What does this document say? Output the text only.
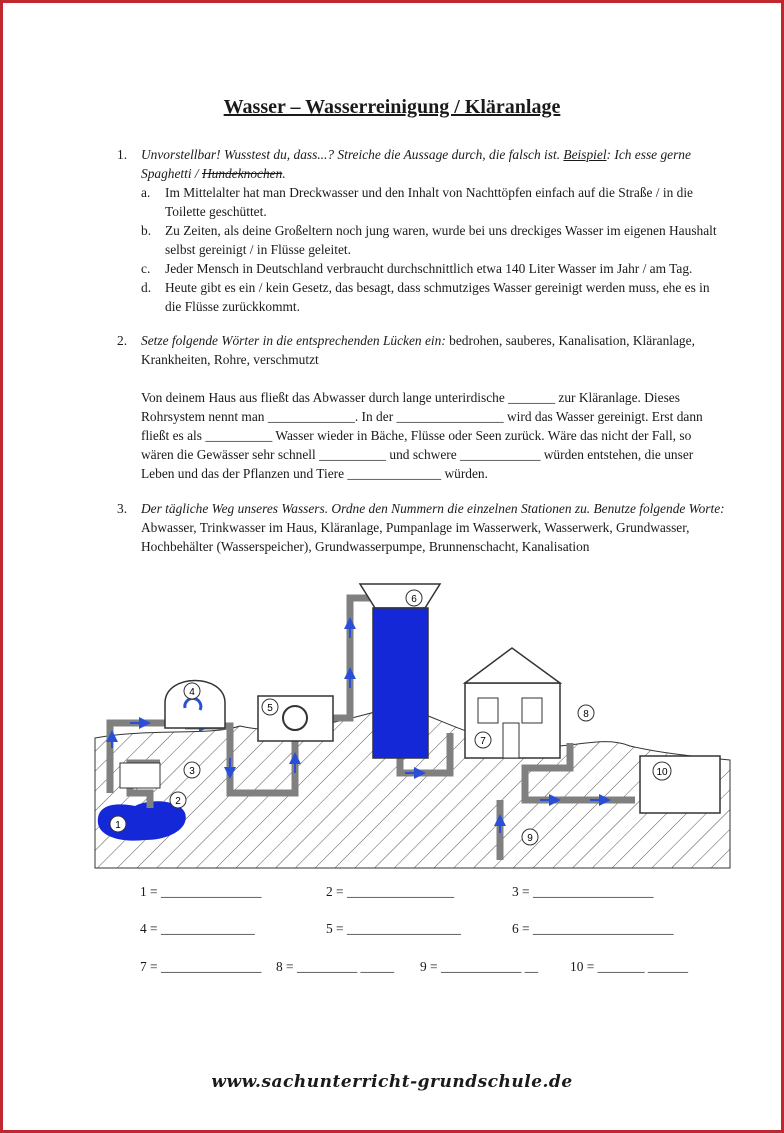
Wasser – Wasserreinigung / Kläranlage
1. Unvorstellbar! Wusstest du, dass...? Streiche die Aussage durch, die falsch ist. Beispiel: Ich esse gerne Spaghetti / Hundeknochen.
a. Im Mittelalter hat man Dreckwasser und den Inhalt von Nachttöpfen einfach auf die Straße / in die Toilette geschüttet.
b. Zu Zeiten, als deine Großeltern noch jung waren, wurde bei uns dreckiges Wasser im eigenen Haushalt selbst gereinigt / in Flüsse geleitet.
c. Jeder Mensch in Deutschland verbraucht durchschnittlich etwa 140 Liter Wasser im Jahr / am Tag.
d. Heute gibt es ein / kein Gesetz, das besagt, dass schmutziges Wasser gereinigt werden muss, ehe es in die Flüsse zurückkommt.
2. Setze folgende Wörter in die entsprechenden Lücken ein: bedrohen, sauberes, Kanalisation, Kläranlage, Krankheiten, Rohre, verschmutzt
Von deinem Haus aus fließt das Abwasser durch lange unterirdische _______ zur Kläranlage. Dieses Rohrsystem nennt man _____________. In der ________________ wird das Wasser gereinigt. Erst dann fließt es als __________ Wasser wieder in Bäche, Flüsse oder Seen zurück. Wäre das nicht der Fall, so wären die Gewässer sehr schnell __________ und schwere ____________ würden entstehen, die unser Leben und das der Pflanzen und Tiere ______________ würden.
3. Der tägliche Weg unseres Wassers. Ordne den Nummern die einzelnen Stationen zu. Benutze folgende Worte: Abwasser, Trinkwasser im Haus, Kläranlage, Pumpanlage im Wasserwerk, Wasserwerk, Grundwasser, Hochbehälter (Wasserspeicher), Grundwasserpumpe, Brunnenschacht, Kanalisation
1
2
3
4
5
6
7
8
9
10
1 = _______________	2 = ________________	3 = __________________
4 = ______________	5 = _________________	6 = _____________________
7 = _______________ 8 = _________ _____ 9 = ____________ __ 10 = _______ ______
www.sachunterricht-grundschule.de
